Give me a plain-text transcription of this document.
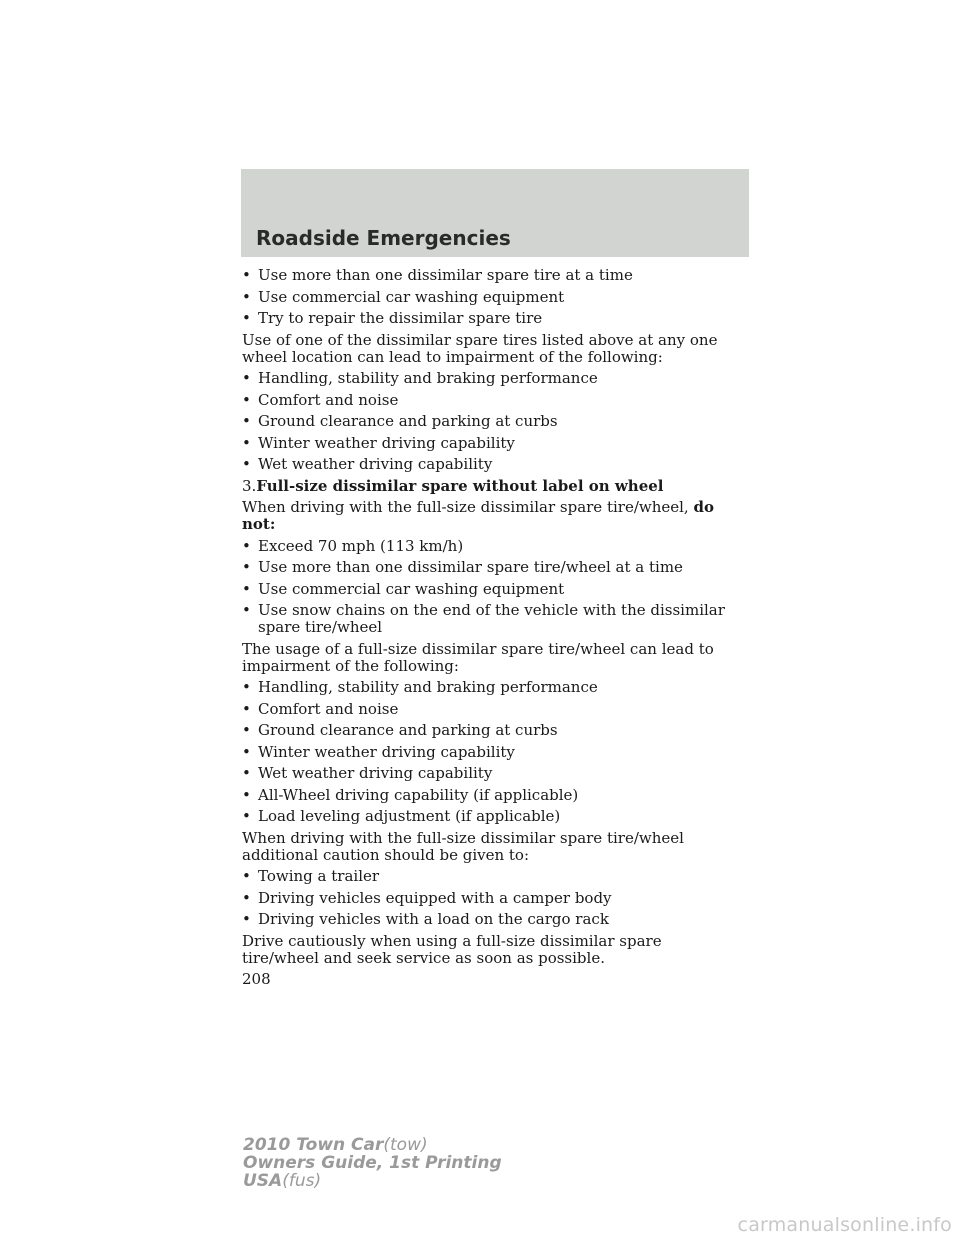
Roadside Emergencies
• Use more than one dissimilar spare tire at a time
• Use commercial car washing equipment
• Try to repair the dissimilar spare tire
Use of one of the dissimilar spare tires listed above at any one wheel location can lead to impairment of the following:
• Handling, stability and braking performance
• Comfort and noise
• Ground clearance and parking at curbs
• Winter weather driving capability
• Wet weather driving capability
3.Full-size dissimilar spare without label on wheel
When driving with the full-size dissimilar spare tire/wheel, do not:
• Exceed 70 mph (113 km/h)
• Use more than one dissimilar spare tire/wheel at a time
• Use commercial car washing equipment
• Use snow chains on the end of the vehicle with the dissimilar spare tire/wheel
The usage of a full-size dissimilar spare tire/wheel can lead to impairment of the following:
• Handling, stability and braking performance
• Comfort and noise
• Ground clearance and parking at curbs
• Winter weather driving capability
• Wet weather driving capability
• All-Wheel driving capability (if applicable)
• Load leveling adjustment (if applicable)
When driving with the full-size dissimilar spare tire/wheel additional caution should be given to:
• Towing a trailer
• Driving vehicles equipped with a camper body
• Driving vehicles with a load on the cargo rack
Drive cautiously when using a full-size dissimilar spare tire/wheel and seek service as soon as possible.
208
2010 Town Car(tow)
Owners Guide, 1st Printing
USA(fus)
carmanualsonline.info
